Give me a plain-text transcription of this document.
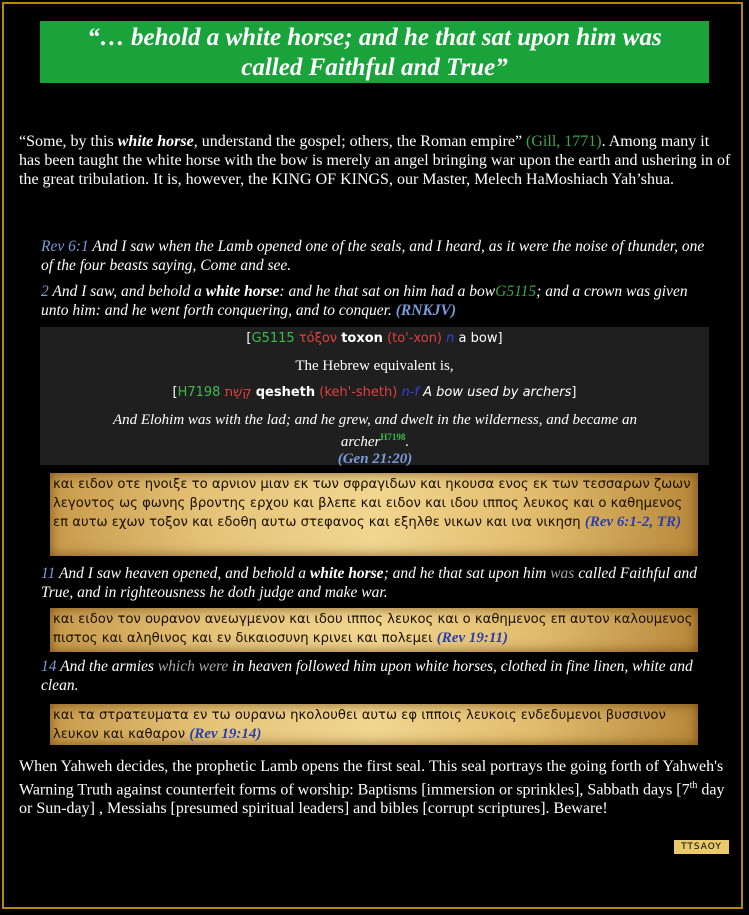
“… behold a white horse; and he that sat upon him was
called Faithful and True”
“Some, by this white horse, understand the gospel; others, the Roman empire” (Gill, 1771). Among many it has been taught the white horse with the bow is merely an angel bringing war upon the earth and ushering in of the great tribulation. It is, however, the KING OF KINGS, our Master, Melech HaMoshiach Yah’shua.
Rev 6:1 And I saw when the Lamb opened one of the seals, and I heard, as it were the noise of thunder, one of the four beasts saying, Come and see.
2 And I saw, and behold a white horse: and he that sat on him had a bowG5115; and a crown was given unto him: and he went forth conquering, and to conquer. (RNKJV)
[G5115 τόξον toxon (to'-xon) n a bow]
The Hebrew equivalent is,
[H7198 קֶשֶׁת qesheth (keh'-sheth) n-f A bow used by archers]
And Elohim was with the lad; and he grew, and dwelt in the wilderness, and became an archer$^{H7198}$.
(Gen 21:20)
και ειδον οτε ηνοιξε το αρνιον μιαν εκ των σφραγιδων και ηκουσα ενος εκ των τεσσαρων ζωων λεγοντος ως φωνης βροντης ερχου και βλεπε και ειδον και ιδου ιππος λευκος και ο καθημενος επ αυτω εχων τοξον και εδοθη αυτω στεφανος και εξηλθε νικων και ινα νικηση (Rev 6:1-2, TR)
11 And I saw heaven opened, and behold a white horse; and he that sat upon him was called Faithful and True, and in righteousness he doth judge and make war.
και ειδον τον ουρανον ανεωγμενον και ιδου ιππος λευκος και ο καθημενος επ αυτον καλουμενος πιστος και αληθινος και εν δικαιοσυνη κρινει και πολεμει (Rev 19:11)
14 And the armies which were in heaven followed him upon white horses, clothed in fine linen, white and clean.
και τα στρατευματα εν τω ουρανω ηκολουθει αυτω εφ ιπποις λευκοις ενδεδυμενοι βυσσινον λευκον και καθαρον (Rev 19:14)
When Yahweh decides, the prophetic Lamb opens the first seal. This seal portrays the going forth of Yahweh's Warning Truth against counterfeit forms of worship: Baptisms [immersion or sprinkles], Sabbath days [7th day or Sun-day] , Messiahs [presumed spiritual leaders] and bibles [corrupt scriptures]. Beware!
TTSAOY
